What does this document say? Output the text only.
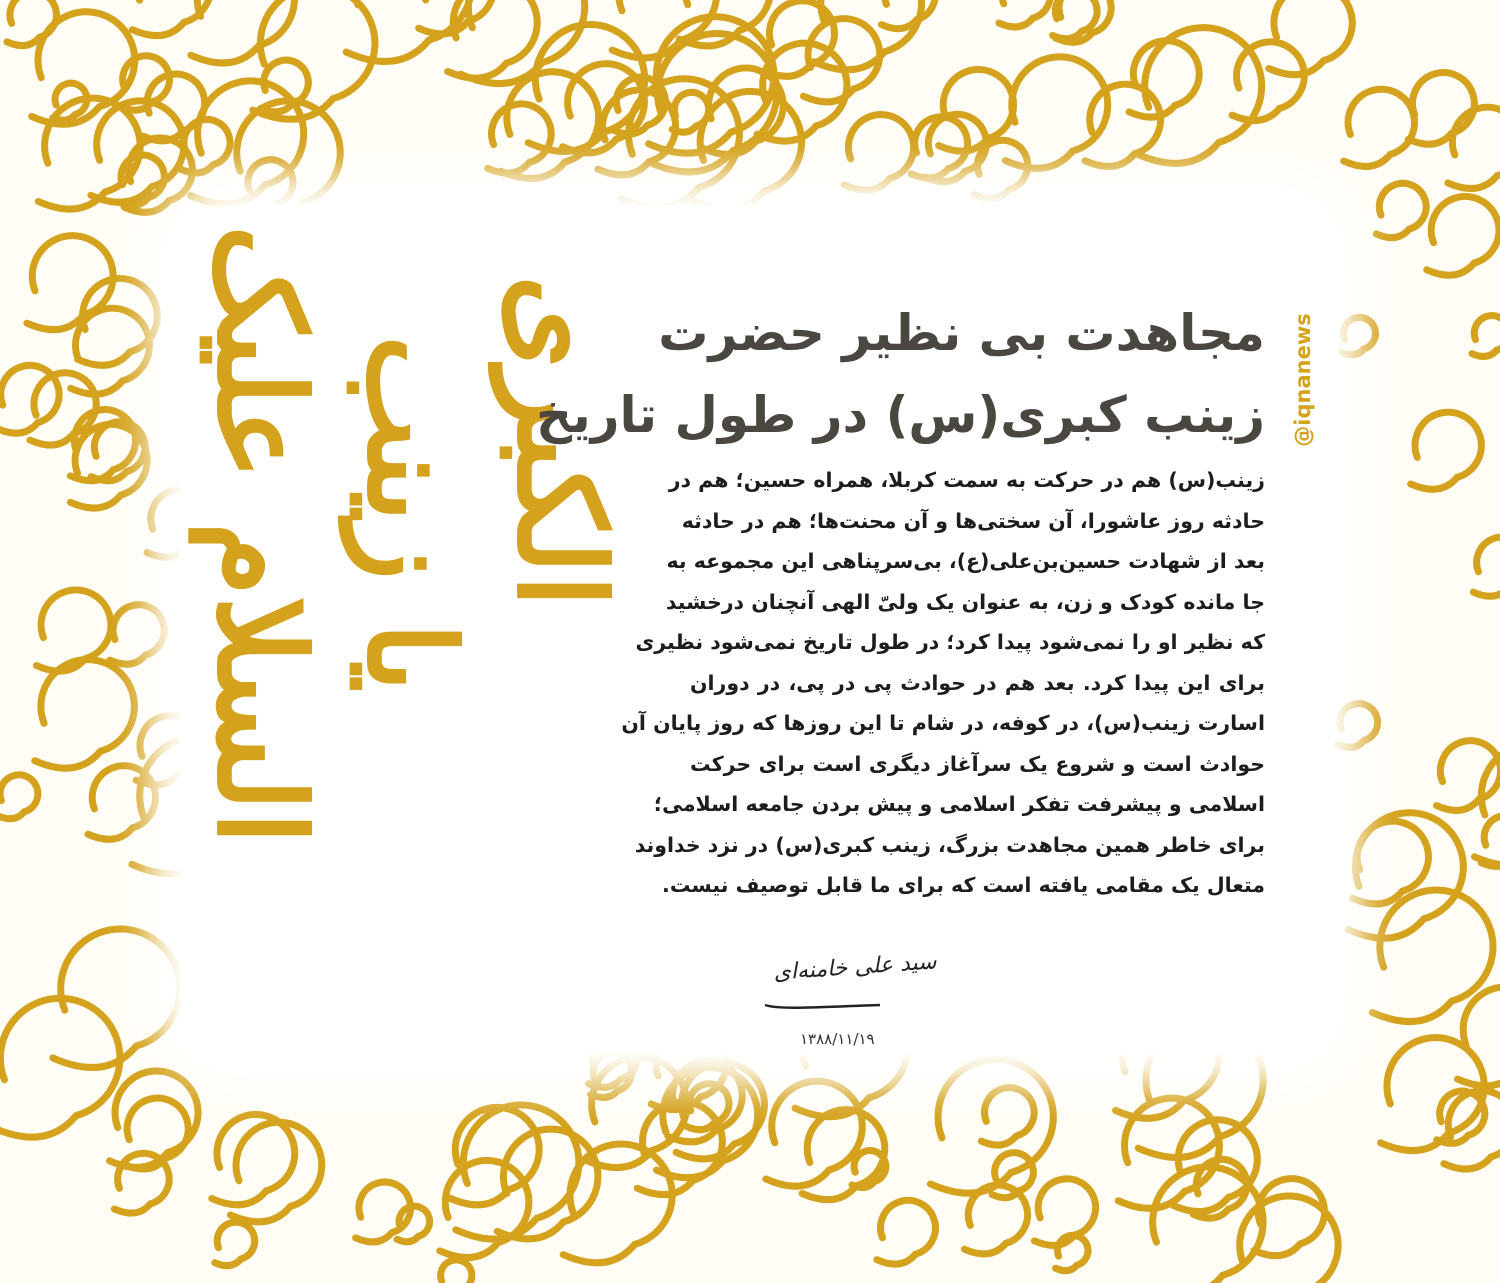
السلام علیک یا زینب الکبری	@iqnanews
مجاهدت بی نظیر حضرت
زینب کبری(س) در طول تاریخ
زینب(س) هم در حرکت به سمت کربلا، همراه حسین؛ هم در
حادثه روز عاشورا، آن سختی‌ها و آن محنت‌ها؛ هم در حادثه
بعد از شهادت حسین‌بن‌علی(ع)، بی‌سرپناهی این مجموعه به
جا مانده کودک و زن، به عنوان یک ولیّ الهی آنچنان درخشید
که نظیر او را نمی‌شود پیدا کرد؛ در طول تاریخ نمی‌شود نظیری
برای این پیدا کرد. بعد هم در حوادث پی در پی، در دوران
اسارت زینب(س)، در کوفه، در شام تا این روزها که روز پایان آن
حوادث است و شروع یک سرآغاز دیگری است برای حرکت
اسلامی و پیشرفت تفکر اسلامی و پیش بردن جامعه اسلامی؛
برای خاطر همین مجاهدت بزرگ، زینب کبری(س) در نزد خداوند
متعال یک مقامی یافته است که برای ما قابل توصیف نیست.
سید علی خامنه‌ای
۱۳۸۸/۱۱/۱۹
